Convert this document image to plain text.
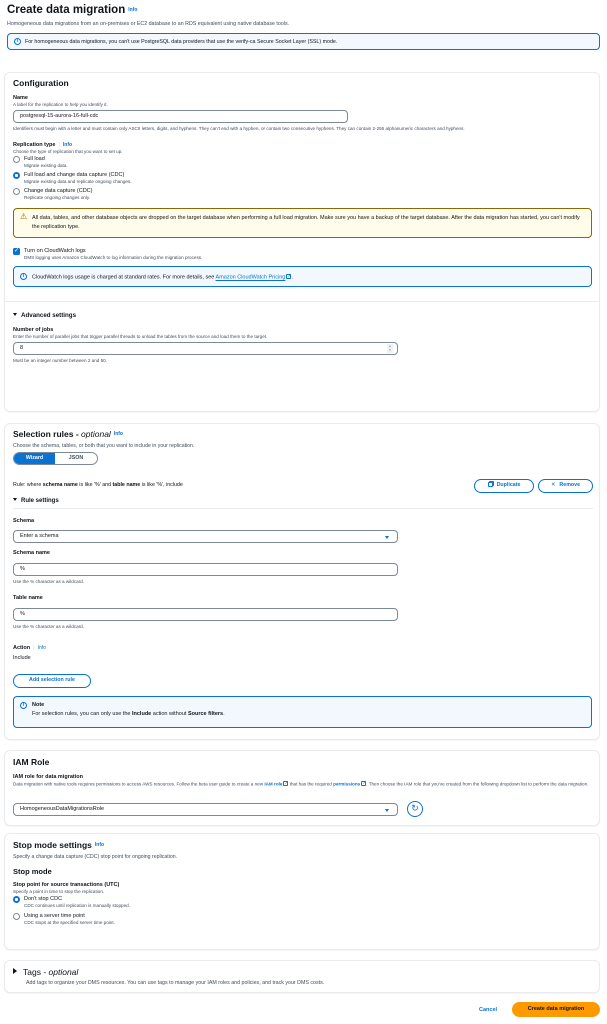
Create data migration Info
Homogeneous data migrations from an on-premises or EC2 database to an RDS equivalent using native database tools.
i	For homogeneous data migrations, you can't use PostgreSQL data providers that use the verify-ca Secure Socket Layer (SSL) mode.
Configuration
Name
A label for the replication to help you identify it.
postgresql-15-aurora-16-full-cdc
Identifiers must begin with a letter and must contain only ASCII letters, digits, and hyphens. They can't end with a hyphen, or contain two consecutive hyphens. They can contain 2-255 alphanumeric characters and hyphens.
Replication type | Info
Choose the type of replication that you want to set up.
Full load
Migrate existing data.
Full load and change data capture (CDC)
Migrate existing data and replicate ongoing changes.
Change data capture (CDC)
Replicate ongoing changes only.
⚠ All data, tables, and other database objects are dropped on the target database when performing a full load migration. Make sure you have a backup of the target database. After the data migration has started, you can't modify the replication type.
✓ Turn on CloudWatch logs
DMS logging uses Amazon CloudWatch to log information during the migration process.
i	CloudWatch logs usage is charged at standard rates. For more details, see Amazon CloudWatch Pricing ↗ .
Advanced settings
Number of jobs
Enter the number of parallel jobs that trigger parallel threads to unload the tables from the source and load them to the target.
8	▴
▾
Must be an integer number between 2 and 50.
Selection rules - optional $^{Info}$
Choose the schema, tables, or both that you want to include in your replication.
Wizard	JSON
Rule: where schema name is like '%' and table name is like '%', include	Duplicate	✕ Remove
Rule settings
Schema
Enter a schema
Schema name
%
Use the % character as a wildcard.
Table name
%
Use the % character as a wildcard.
Action | Info
Include
Add selection rule
i	Note
For selection rules, you can only use the Include action without Source filters.
IAM Role
IAM role for data migration
Data migration with native tools requires permissions to access AWS resources. Follow the beta user guide to create a new IAM role↗ that has the required permissions ↗ . Then choose the IAM role that you've created from the following dropdown list to perform the data migration.
HomogeneousDataMigrationsRole	↻
Stop mode settings $^{Info}$
Specify a change data capture (CDC) stop point for ongoing replication.
Stop mode
Stop point for source transactions (UTC)
Specify a point in time to stop the replication.
Don't stop CDC
CDC continues until replication is manually stopped.
Using a server time point
CDC stops at the specified server time point.
Tags - optional
Add tags to organize your DMS resources. You can use tags to manage your IAM roles and policies, and track your DMS costs.
Cancel	Create data migration
